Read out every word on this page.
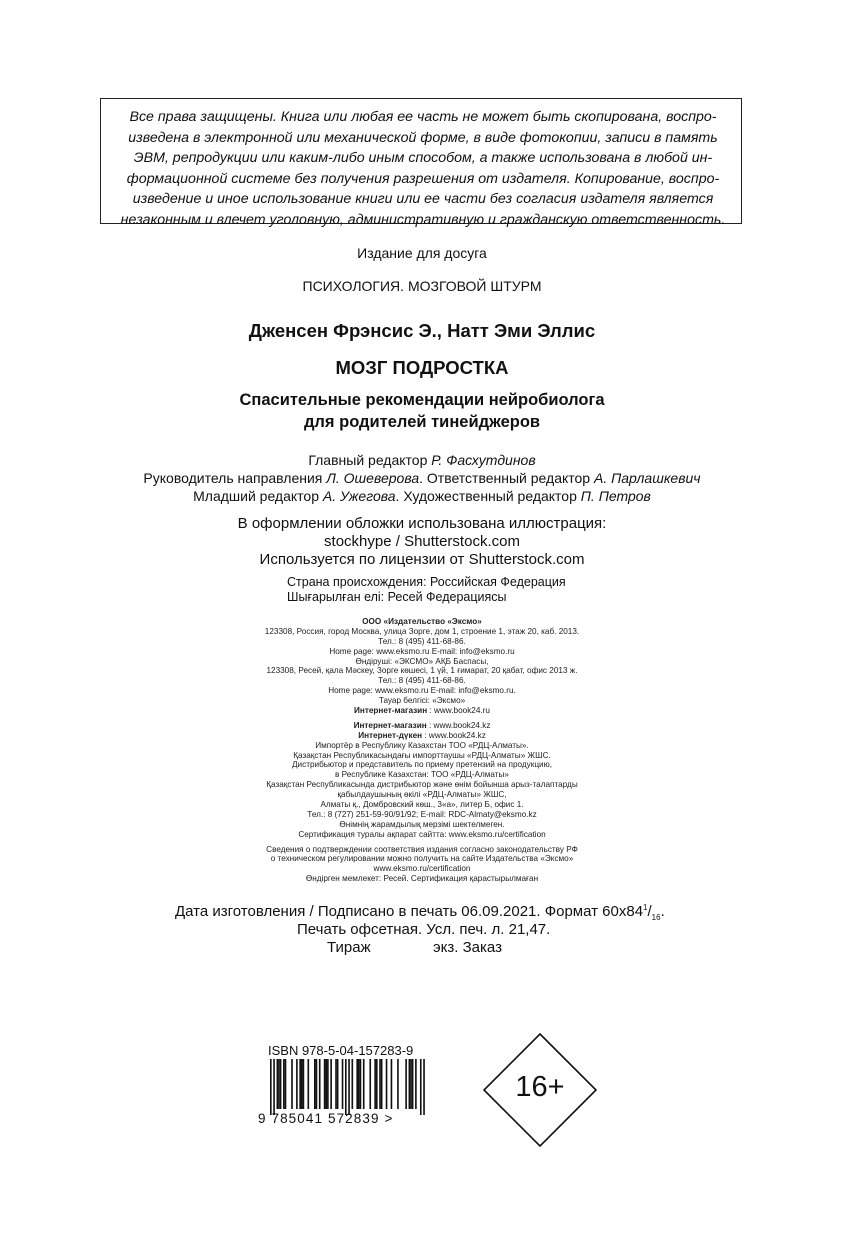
Все права защищены. Книга или любая ее часть не может быть скопирована, воспро-
изведена в электронной или механической форме, в виде фотокопии, записи в память
ЭВМ, репродукции или каким-либо иным способом, а также использована в любой ин-
формационной системе без получения разрешения от издателя. Копирование, воспро-
изведение и иное использование книги или ее части без согласия издателя является
незаконным и влечет уголовную, административную и гражданскую ответственность.
Издание для досуга
ПСИХОЛОГИЯ. МОЗГОВОЙ ШТУРМ
Дженсен Фрэнсис Э., Натт Эми Эллис
МОЗГ ПОДРОСТКА
Спасительные рекомендации нейробиолога
для родителей тинейджеров
Главный редактор Р. Фасхутдинов
Руководитель направления Л. Ошеверова. Ответственный редактор А. Парлашкевич
Младший редактор А. Ужегова. Художественный редактор П. Петров
В оформлении обложки использована иллюстрация:
stockhype / Shutterstock.com
Используется по лицензии от Shutterstock.com
Страна происхождения: Российская Федерация
Шығарылған елі: Ресей Федерациясы
ООО «Издательство «Эксмо»
123308, Россия, город Москва, улица Зорге, дом 1, строение 1, этаж 20, каб. 2013.
Тел.: 8 (495) 411-68-86.
Home page: www.eksmo.ru E-mail: info@eksmo.ru
Өндіруші: «ЭКСМО» АҚБ Баспасы,
123308, Ресей, қала Мәскеу, Зорге көшесі, 1 үй, 1 ғимарат, 20 қабат, офис 2013 ж.
Тел.: 8 (495) 411-68-86.
Home page: www.eksmo.ru E-mail: info@eksmo.ru.
Тауар белгісі: «Эксмо»
Интернет-магазин : www.book24.ru
Интернет-магазин : www.book24.kz
Интернет-дүкен : www.book24.kz
Импортёр в Республику Казахстан ТОО «РДЦ-Алматы».
Қазақстан Республикасындағы импорттаушы «РДЦ-Алматы» ЖШС.
Дистрибьютор и представитель по приему претензий на продукцию,
в Республике Казахстан: ТОО «РДЦ-Алматы»
Қазақстан Республикасында дистрибьютор және өнім бойынша арыз-талаптарды
қабылдаушының өкілі «РДЦ-Алматы» ЖШС,
Алматы қ., Домбровский көш., 3«а», литер Б, офис 1.
Тел.: 8 (727) 251-59-90/91/92; E-mail: RDC-Almaty@eksmo.kz
Өнімнің жарамдылық мерзімі шектелмеген.
Сертификация туралы ақпарат сайтта: www.eksmo.ru/certification
Сведения о подтверждении соответствия издания согласно законодательству РФ
о техническом регулировании можно получить на сайте Издательства «Эксмо»
www.eksmo.ru/certification
Өндірген мемлекет: Ресей. Сертификация қарастырылмаған
Дата изготовления / Подписано в печать 06.09.2021. Формат $60x84^1/_{16}$.
Печать офсетная. Усл. печ. л. 21,47.
Тираж	экз. Заказ
ISBN 978-5-04-157283-9
9 785041 572839 >
16+
